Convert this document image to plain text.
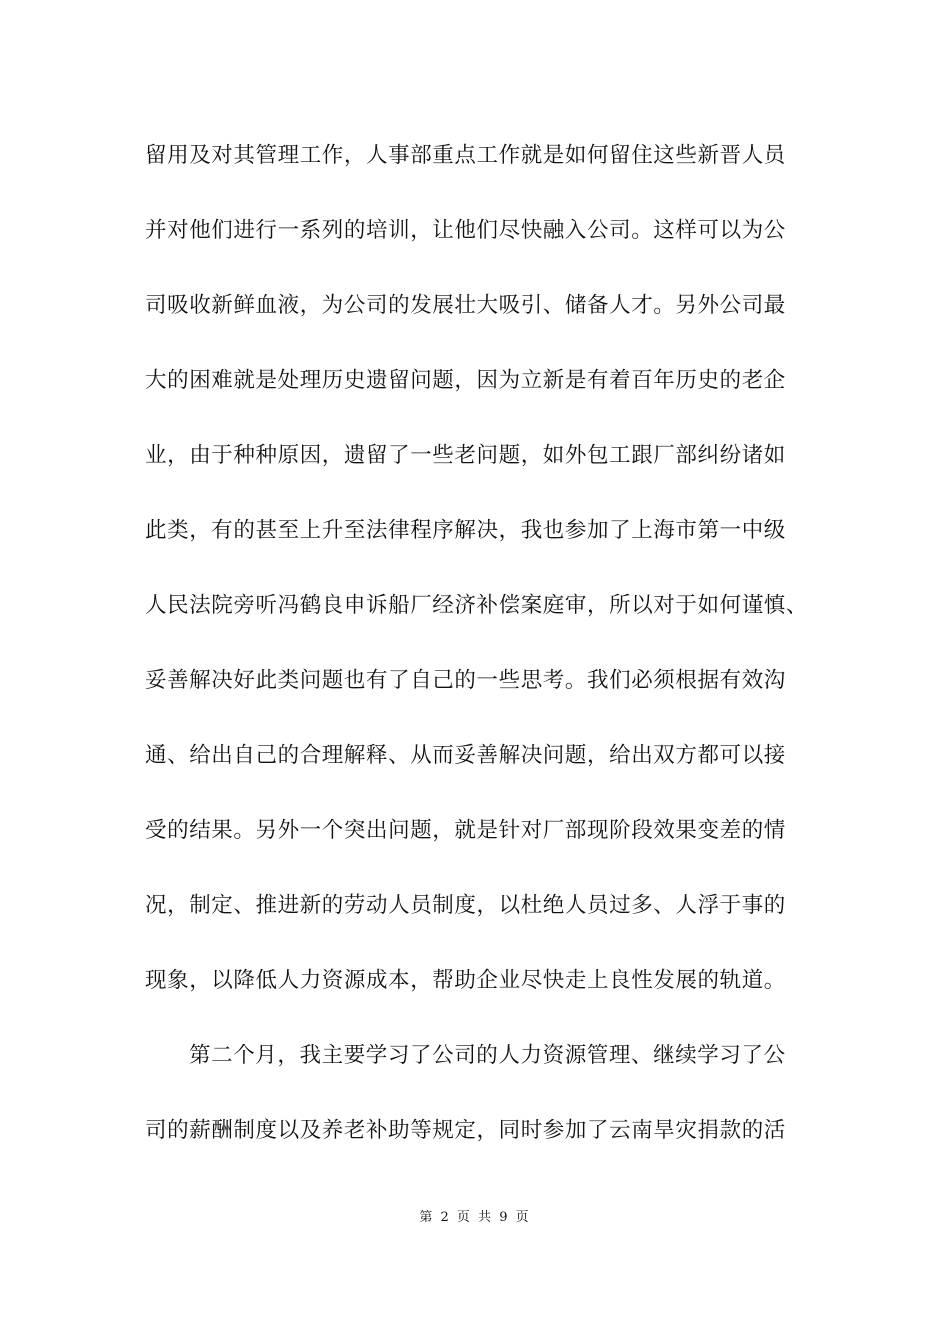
留用及对其管理工作，人事部重点工作就是如何留住这些新晋人员
并对他们进行一系列的培训，让他们尽快融入公司。这样可以为公
司吸收新鲜血液，为公司的发展壮大吸引、储备人才。另外公司最
大的困难就是处理历史遗留问题，因为立新是有着百年历史的老企
业，由于种种原因，遗留了一些老问题，如外包工跟厂部纠纷诸如
此类，有的甚至上升至法律程序解决，我也参加了上海市第一中级
人民法院旁听冯鹤良申诉船厂经济补偿案庭审，所以对于如何谨慎、
妥善解决好此类问题也有了自己的一些思考。我们必须根据有效沟
通、给出自己的合理解释、从而妥善解决问题，给出双方都可以接
受的结果。另外一个突出问题，就是针对厂部现阶段效果变差的情
况，制定、推进新的劳动人员制度，以杜绝人员过多、人浮于事的
现象，以降低人力资源成本，帮助企业尽快走上良性发展的轨道。
第二个月，我主要学习了公司的人力资源管理、继续学习了公
司的薪酬制度以及养老补助等规定，同时参加了云南旱灾捐款的活
第 2 页 共 9 页
